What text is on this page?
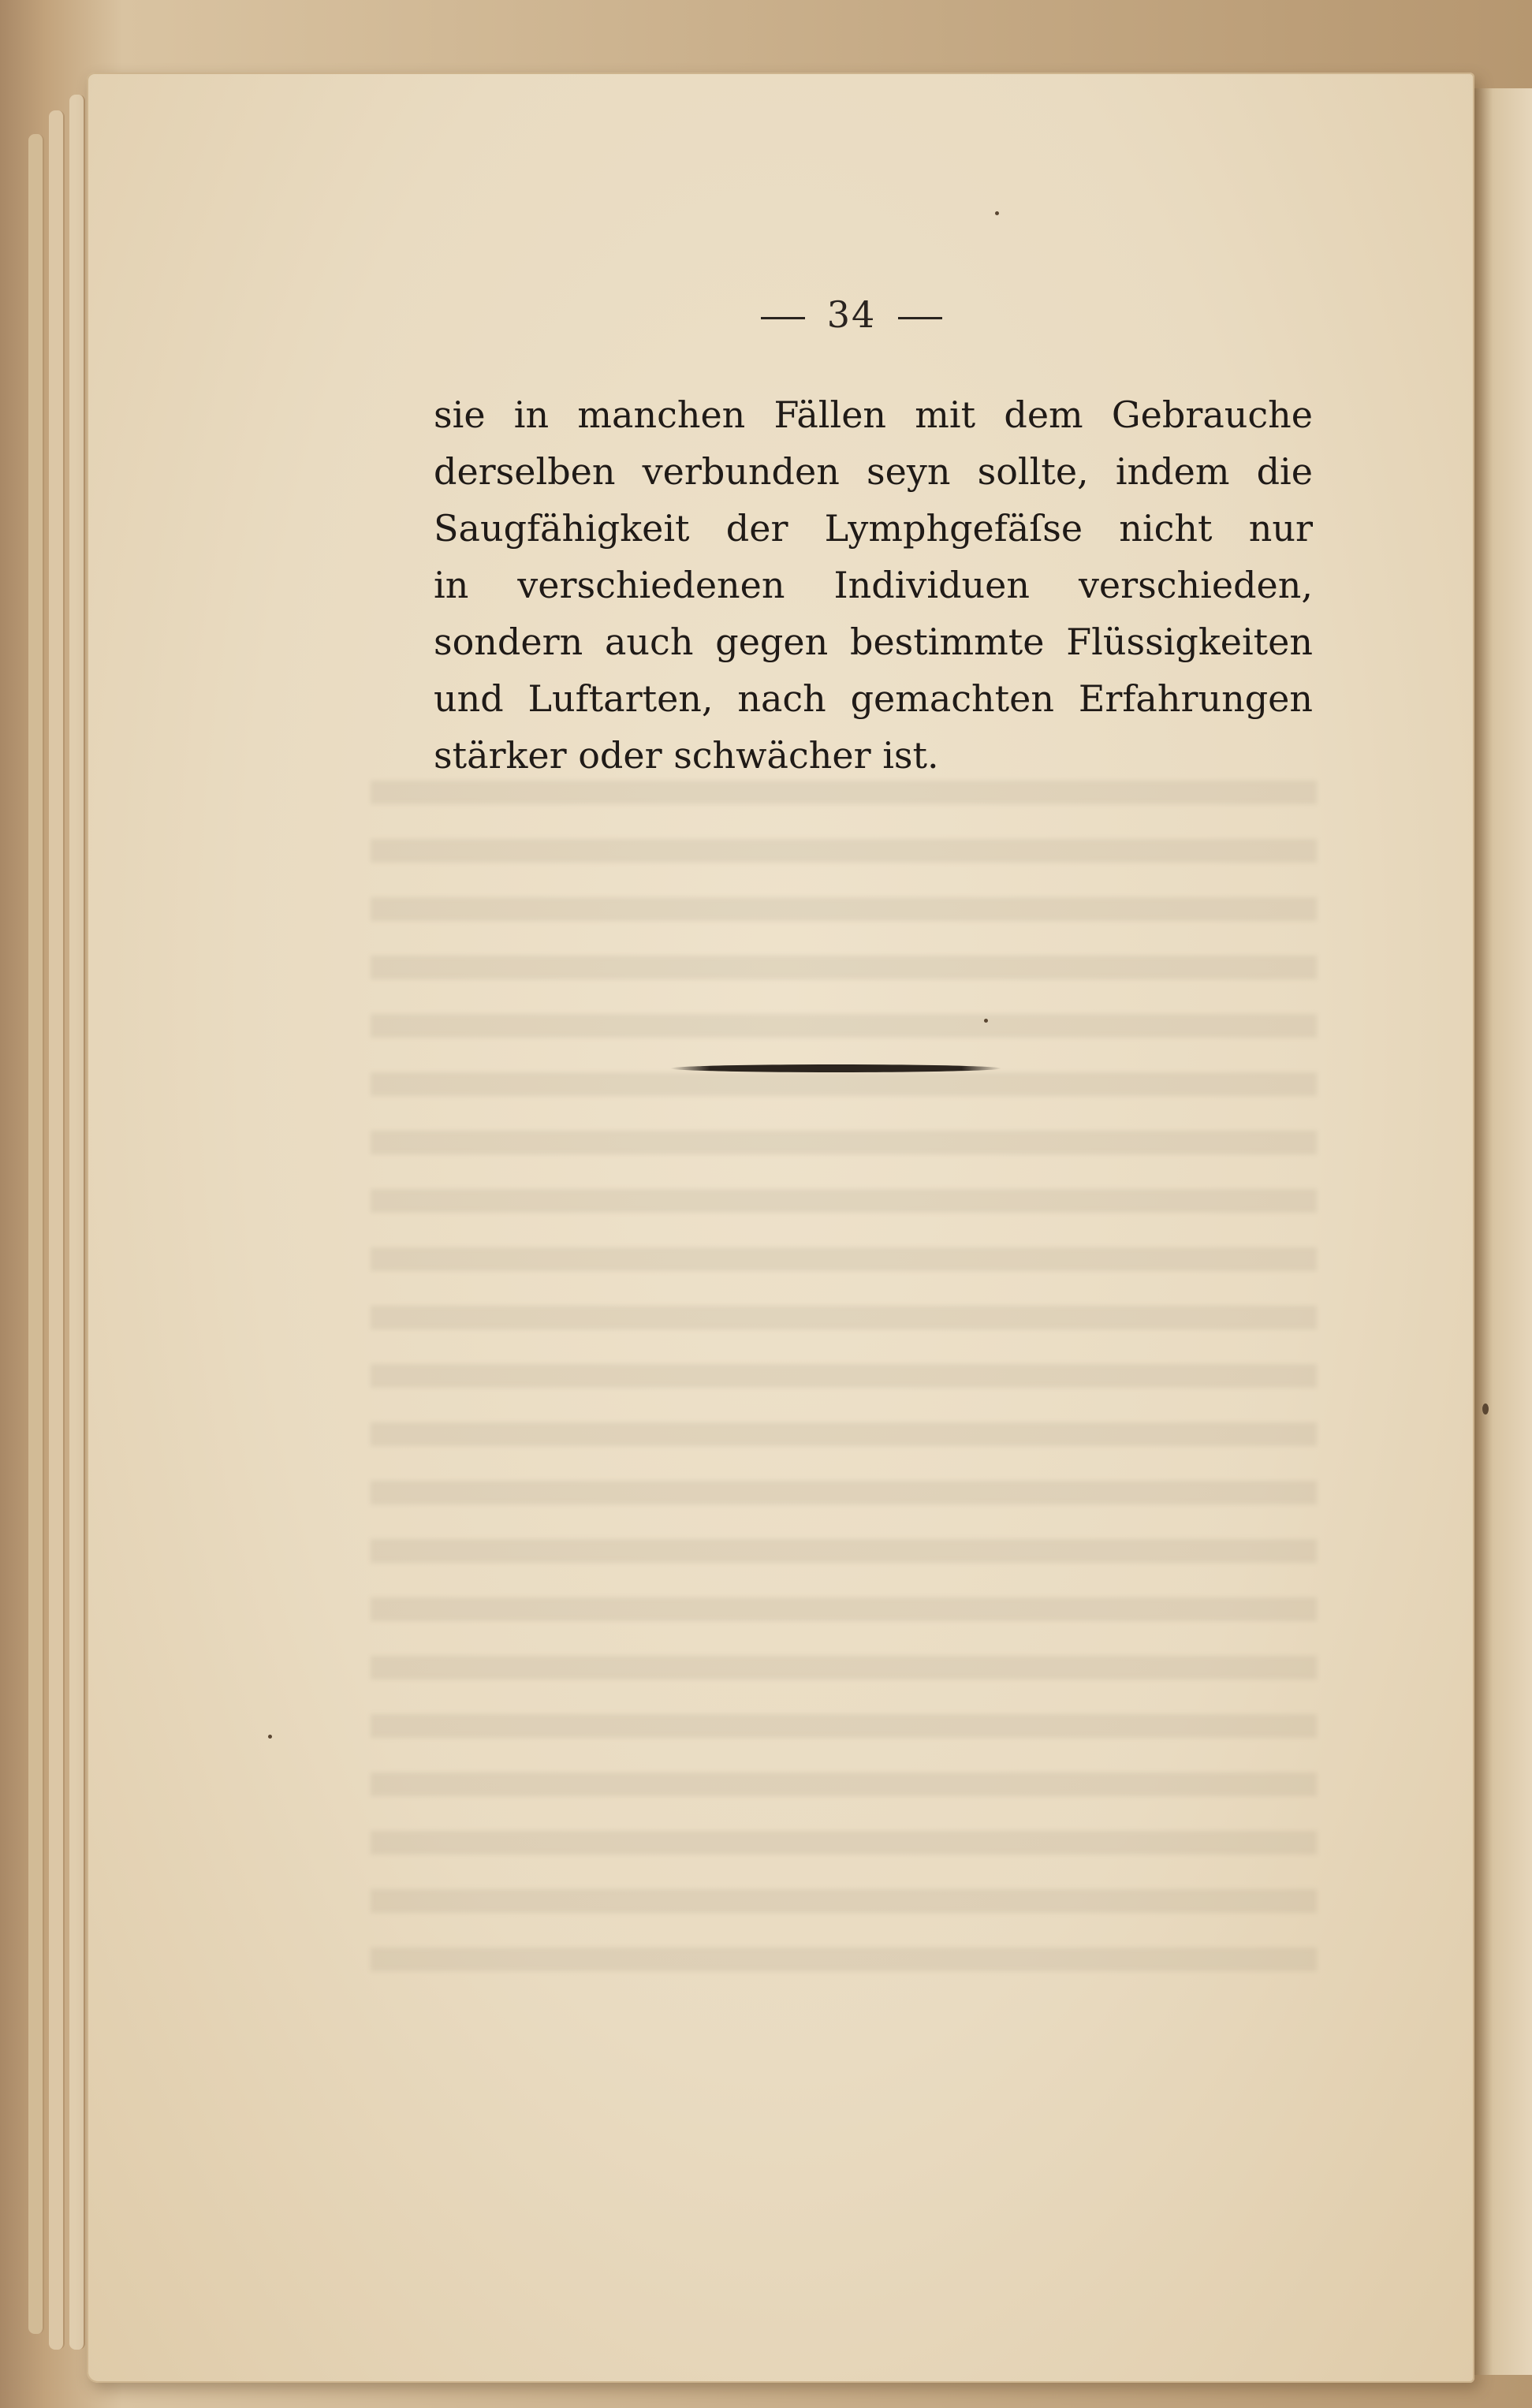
34
sie in manchen Fällen mit dem Gebrauche
derselben verbunden seyn sollte, indem die
Saugfähigkeit der Lymphgefäſse nicht nur
in verschiedenen Individuen verschieden,
sondern auch gegen bestimmte Flüssigkeiten
und Luftarten, nach gemachten Erfahrungen
stärker oder schwächer ist.
